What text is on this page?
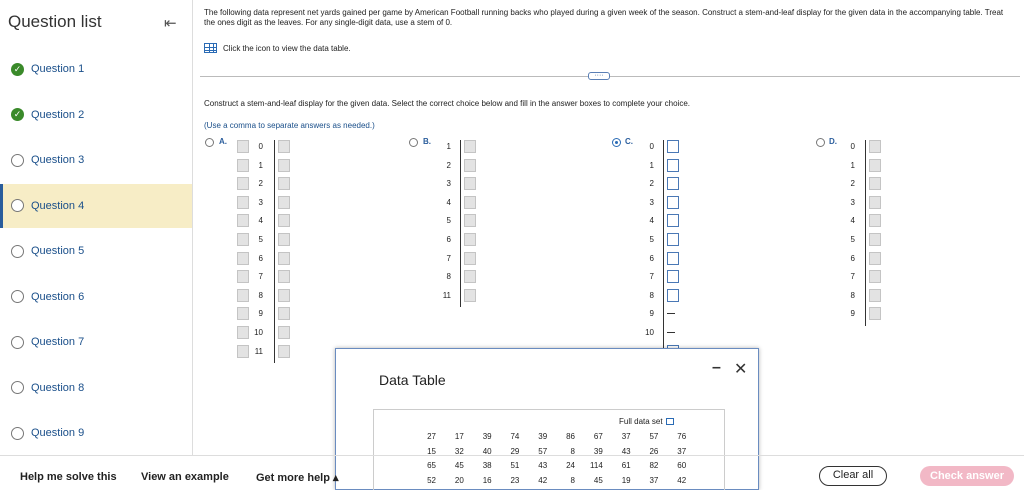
Question list	⇤
✓ Question 1
✓ Question 2
Question 3
Question 4
Question 5
Question 6
Question 7
Question 8
Question 9
The following data represent net yards gained per game by American Football running backs who played during a given week of the season. Construct a stem-and-leaf display for the given data in the accompanying table. Treat the ones digit as the leaves. For any single-digit data, use a stem of 0.
Click the icon to view the data table.
····
Construct a stem-and-leaf display for the given data. Select the correct choice below and fill in the answer boxes to complete your choice.
(Use a comma to separate answers as needed.)
A.
0
1
2
3
4
5
6
7
8
9
10
11
B.
1
2
3
4
5
6
7
8
11
C.
0
1
2
3
4
5
6
7
8
9
10
D.
0
1
2
3
4
5
6
7
8
9
Data Table
– ✕
Full data set
27	17	39	74	39	86	67	37	57	76
15	32	40	29	57	8	39	43	26	37
65	45	38	51	43	24	114	61	82	60
52	20	16	23	42	8	45	19	37	42
Help me solve this View an example Get more help ▴	Clear all	Check answer
